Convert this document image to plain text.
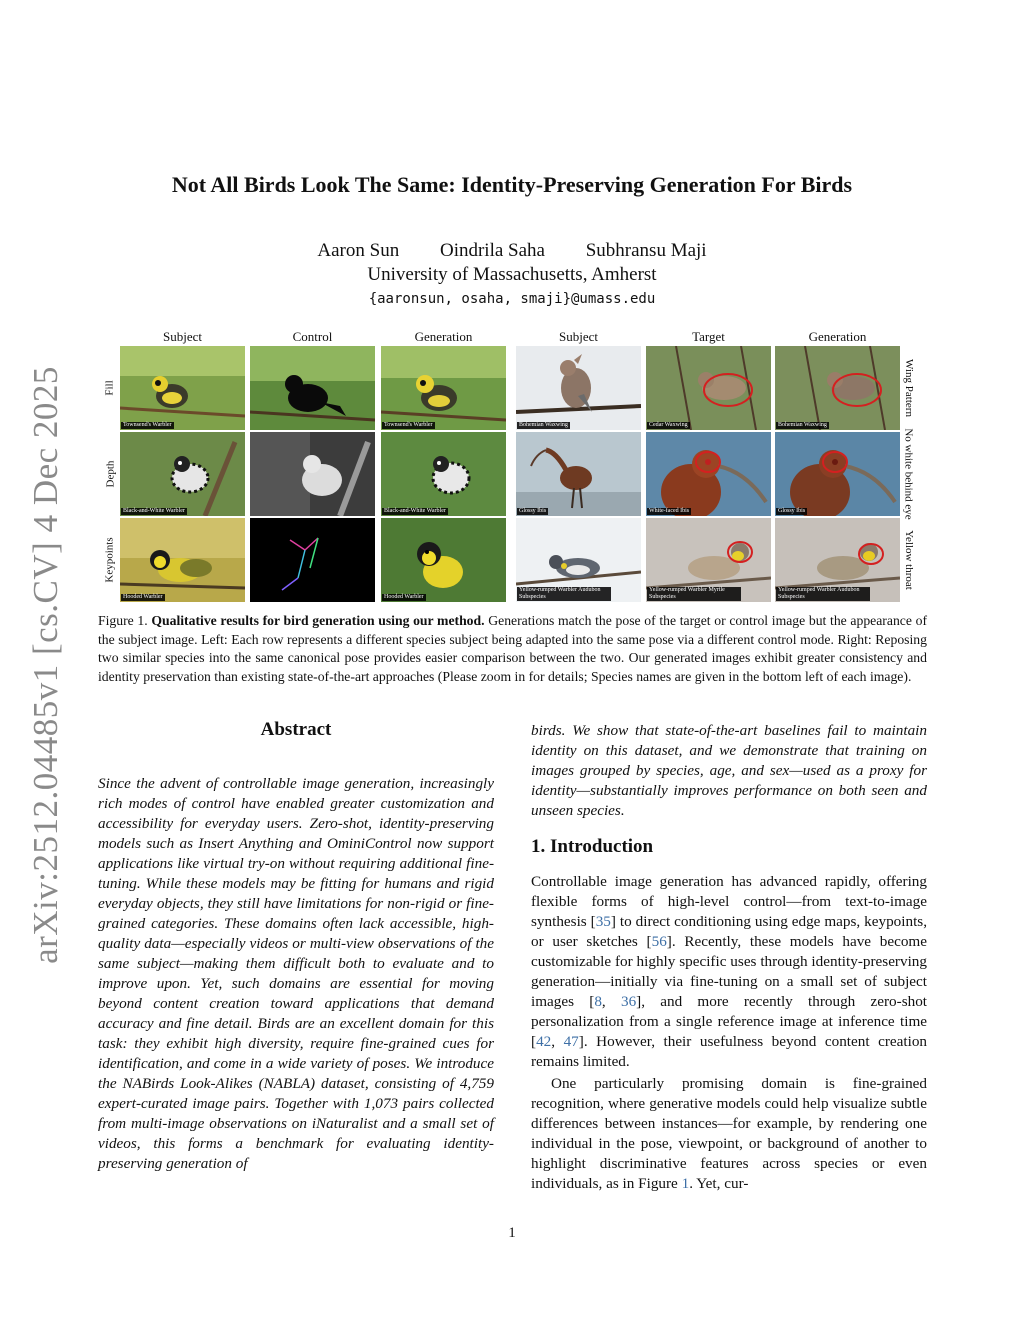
arXiv:2512.04485v1 [cs.CV] 4 Dec 2025
Not All Birds Look The Same: Identity-Preserving Generation For Birds
Aaron Sun Oindrila Saha Subhransu Maji
University of Massachusetts, Amherst
{aaronsun, osaha, smaji}@umass.edu
Subject	Control	Generation	Subject	Target	Generation
Fill
Depth
Keypoints
Wing Pattern
No white behind eye
Yellow throat
Townsend's Warbler	Townsend's Warbler	Bohemian Waxwing	Cedar Waxwing	Bohemian Waxwing
Black-and-White Warbler	Black-and-White Warbler	Glossy Ibis	White-faced Ibis	Glossy Ibis
Hooded Warbler	Hooded Warbler
Yellow-rumped Warbler Audubon Subspecies
Yellow-rumped Warbler Myrtle Subspecies
Yellow-rumped Warbler Audubon Subspecies
Figure 1. Qualitative results for bird generation using our method. Generations match the pose of the target or control image but the appearance of the subject image. Left: Each row represents a different species subject being adapted into the same pose via a different control mode. Right: Reposing two similar species into the same canonical pose provides easier comparison between the two. Our generated images exhibit greater consistency and identity preservation than existing state-of-the-art approaches (Please zoom in for details; Species names are given in the bottom left of each image).
Abstract
Since the advent of controllable image generation, increasingly rich modes of control have enabled greater customization and accessibility for everyday users. Zero-shot, identity-preserving models such as Insert Anything and OminiControl now support applications like virtual try-on without requiring additional fine-tuning. While these models may be fitting for humans and rigid everyday objects, they still have limitations for non-rigid or fine-grained categories. These domains often lack accessible, high-quality data—especially videos or multi-view observations of the same subject—making them difficult both to evaluate and to improve upon. Yet, such domains are essential for moving beyond content creation toward applications that demand accuracy and fine detail. Birds are an excellent domain for this task: they exhibit high diversity, require fine-grained cues for identification, and come in a wide variety of poses. We introduce the NABirds Look-Alikes (NABLA) dataset, consisting of 4,759 expert-curated image pairs. Together with 1,073 pairs collected from multi-image observations on iNaturalist and a small set of videos, this forms a benchmark for evaluating identity-preserving generation of
birds. We show that state-of-the-art baselines fail to maintain identity on this dataset, and we demonstrate that training on images grouped by species, age, and sex—used as a proxy for identity—substantially improves performance on both seen and unseen species.
1. Introduction
Controllable image generation has advanced rapidly, offering flexible forms of high-level control—from text-to-image synthesis [35] to direct conditioning using edge maps, keypoints, or user sketches [56]. Recently, these models have become customizable for highly specific uses through identity-preserving generation—initially via fine-tuning on a small set of subject images [8, 36], and more recently through zero-shot personalization from a single reference image at inference time [42, 47]. However, their usefulness beyond content creation remains limited.
One particularly promising domain is fine-grained recognition, where generative models could help visualize subtle differences between instances—for example, by rendering one individual in the pose, viewpoint, or background of another to highlight discriminative features across species or even individuals, as in Figure 1. Yet, cur-
1
